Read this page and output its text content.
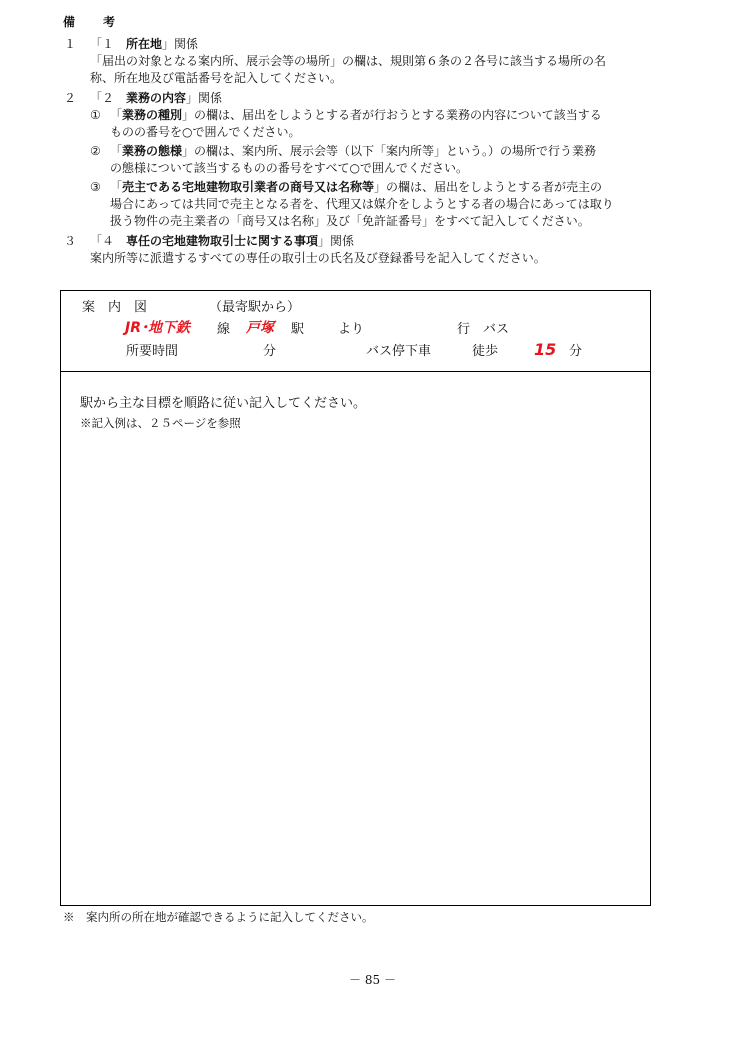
備　考
１ 「１　所在地」関係
「届出の対象となる案内所、展示会等の場所」の欄は、規則第６条の２各号に該当する場所の名
称、所在地及び電話番号を記入してください。
２ 「２　業務の内容」関係
① 「業務の種別」の欄は、届出をしようとする者が行おうとする業務の内容について該当する
ものの番号を○で囲んでください。
② 「業務の態様」の欄は、案内所、展示会等（以下「案内所等」という。）の場所で行う業務
の態様について該当するものの番号をすべて○で囲んでください。
③ 「売主である宅地建物取引業者の商号又は名称等」の欄は、届出をしようとする者が売主の
場合にあっては共同で売主となる者を、代理又は媒介をしようとする者の場合にあっては取り
扱う物件の売主業者の「商号又は名称」及び「免許証番号」をすべて記入してください。
３ 「４　専任の宅地建物取引士に関する事項」関係
案内所等に派遣するすべての専任の取引士の氏名及び登録番号を記入してください。
案　内　図	（最寄駅から）
JR･地下鉄 線 戸塚 駅	より	行　バス
所要時間	分	バス停下車	徒歩 15 分
駅から主な目標を順路に従い記入してください。
※記入例は、２５ページを参照
※　案内所の所在地が確認できるように記入してください。
－ 85 －
